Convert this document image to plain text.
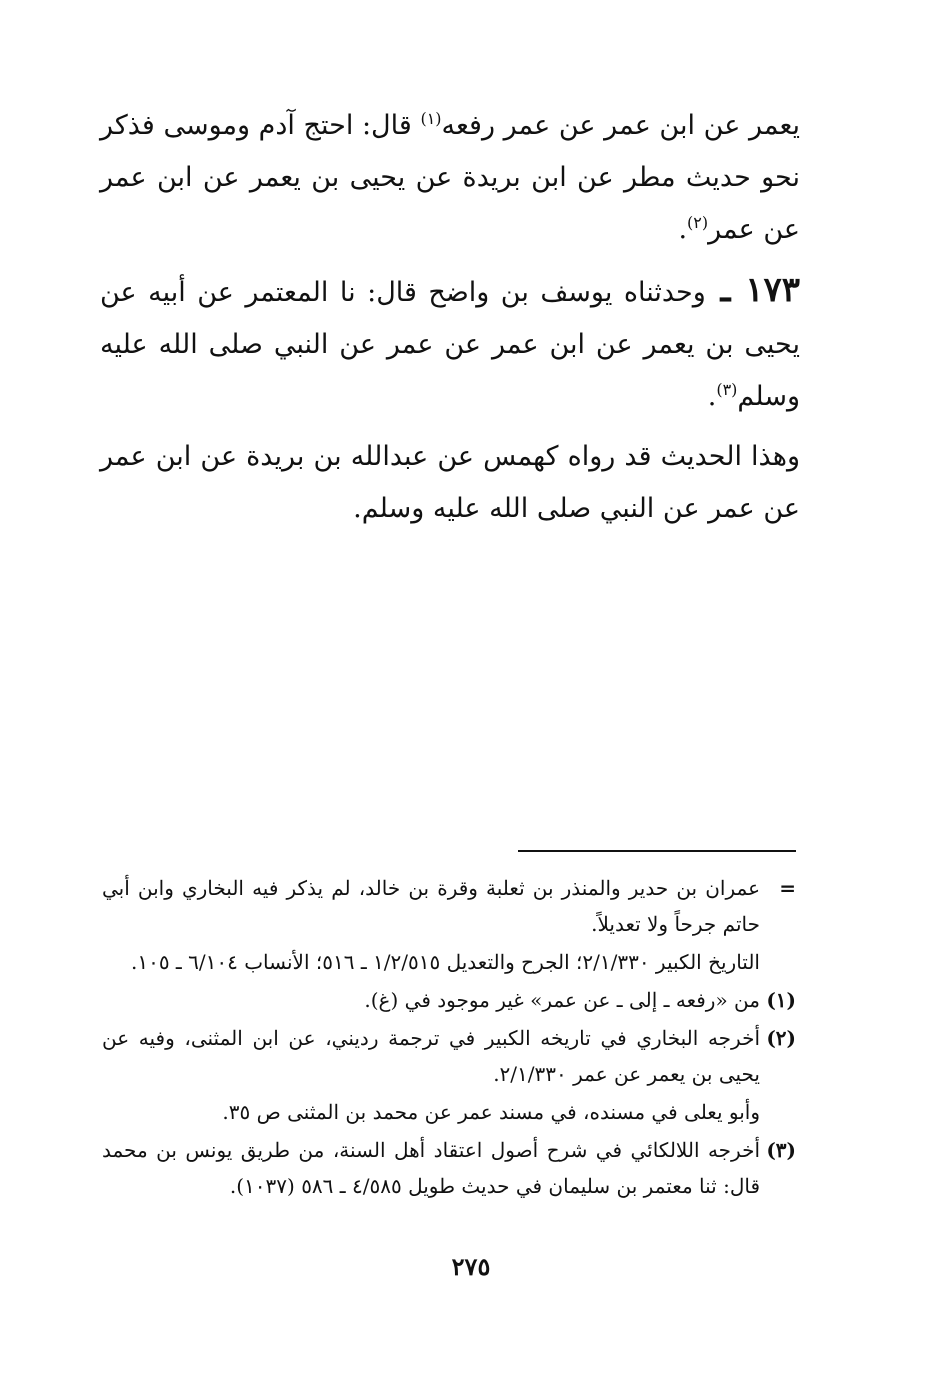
يعمر عن ابن عمر عن عمر رفعه$^{(١)}$ قال: احتج آدم وموسى فذكر نحو حديث مطر عن ابن بريدة عن يحيى بن يعمر عن ابن عمر عن عمر$^{(٢)}$.

١٧٣ ـ وحدثناه يوسف بن واضح قال: نا المعتمر عن أبيه عن يحيى بن يعمر عن ابن عمر عن عمر عن النبي صلى الله عليه وسلم$^{(٣)}$.

وهذا الحديث قد رواه كهمس عن عبدالله بن بريدة عن ابن عمر عن عمر عن النبي صلى الله عليه وسلم.

=
عمران بن حدير والمنذر بن ثعلبة وقرة بن خالد، لم يذكر فيه البخاري وابن أبي حاتم جرحاً ولا تعديلاً.
التاريخ الكبير ٢/١/٣٣٠؛ الجرح والتعديل ١/٢/٥١٥ ـ ٥١٦؛ الأنساب ٦/١٠٤ ـ ١٠٥.
(١)
من «رفعه ـ إلى ـ عن عمر» غير موجود في (غ).
(٢)
أخرجه البخاري في تاريخه الكبير في ترجمة رديني، عن ابن المثنى، وفيه عن يحيى بن يعمر عن عمر ٢/١/٣٣٠.
وأبو يعلى في مسنده، في مسند عمر عن محمد بن المثنى ص ٣٥.
(٣)
أخرجه اللالكائي في شرح أصول اعتقاد أهل السنة، من طريق يونس بن محمد قال: ثنا معتمر بن سليمان في حديث طويل ٤/٥٨٥ ـ ٥٨٦ (١٠٣٧).
٢٧٥
